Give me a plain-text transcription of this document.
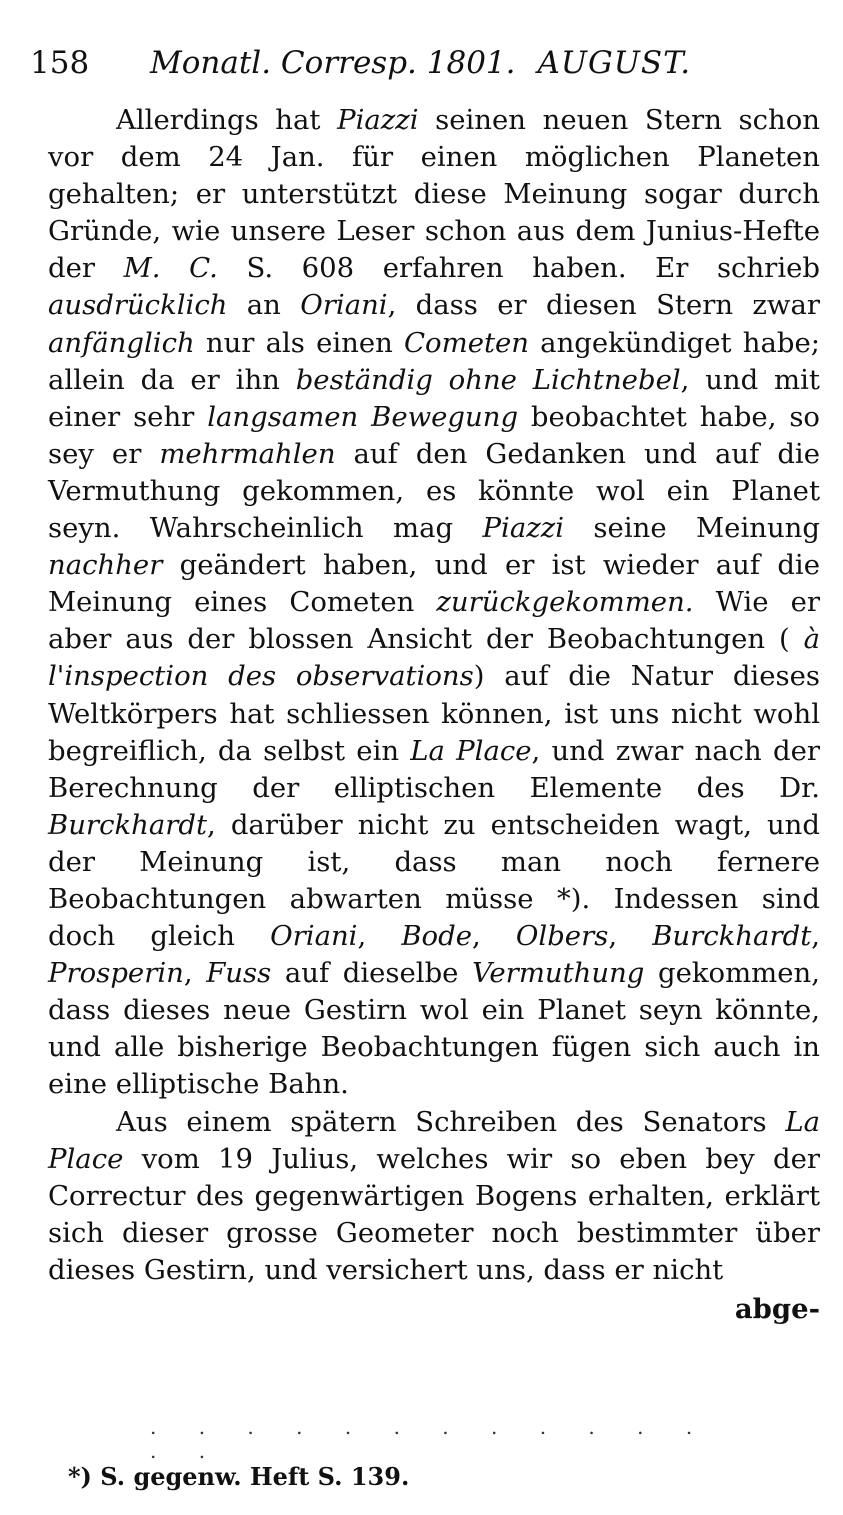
158 Monatl. Corresp. 1801. AUGUST.

Allerdings hat Piazzi seinen neuen Stern schon vor dem 24 Jan. für einen möglichen Planeten gehalten; er unterstützt diese Meinung sogar durch Gründe, wie unsere Leser schon aus dem Junius-Hefte der M. C. S. 608 erfahren haben. Er schrieb ausdrücklich an Oriani, dass er diesen Stern zwar anfänglich nur als einen Cometen angekündiget habe; allein da er ihn beständig ohne Lichtnebel, und mit einer sehr langsamen Bewegung beobachtet habe, so sey er mehrmahlen auf den Gedanken und auf die Vermuthung gekommen, es könnte wol ein Planet seyn. Wahrscheinlich mag Piazzi seine Meinung nachher geändert haben, und er ist wieder auf die Meinung eines Cometen zurückgekommen. Wie er aber aus der blossen Ansicht der Beobachtungen ( à l'inspection des observations) auf die Natur dieses Weltkörpers hat schliessen können, ist uns nicht wohl begreiflich, da selbst ein La Place, und zwar nach der Berechnung der elliptischen Elemente des Dr. Burckhardt, darüber nicht zu entscheiden wagt, und der Meinung ist, dass man noch fernere Beobachtungen abwarten müsse *). Indessen sind doch gleich Oriani, Bode, Olbers, Burckhardt, Prosperin, Fuss auf dieselbe Vermuthung gekommen, dass dieses neue Gestirn wol ein Planet seyn könnte, und alle bisherige Beobachtungen fügen sich auch in eine elliptische Bahn.

Aus einem spätern Schreiben des Senators La Place vom 19 Julius, welches wir so eben bey der Correctur des gegenwärtigen Bogens erhalten, erklärt sich dieser grosse Geometer noch bestimmter über dieses Gestirn, und versichert uns, dass er nicht

abge-
. . . . . . . . . . . . . .
*) S. gegenw. Heft S. 139.
